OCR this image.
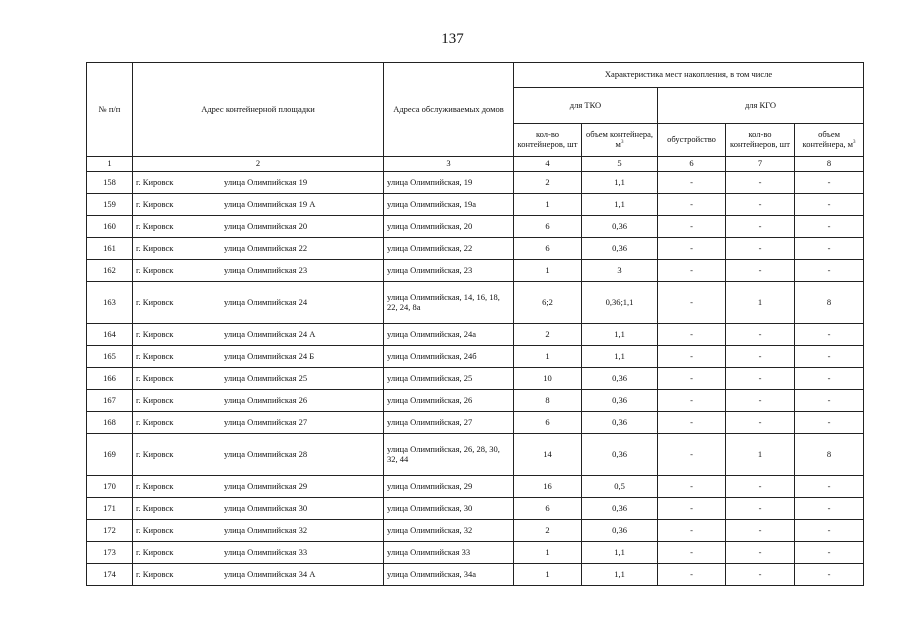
137
№ п/п	Адрес контейнерной площадки	Адреса обслуживаемых домов	Характеристика мест накопления, в том числе				
			для ТКО		для КГО		
			кол-во контейнеров, шт	объем контейнера, $м^3$	обустройство	кол-во контейнеров, шт	объем контейнера, $м^3$
1	2	3	4	5	6	7	8
158	г. Кировск улица Олимпийская 19	улица Олимпийская, 19	2	1,1	-	-	-
159	г. Кировск улица Олимпийская 19 А	улица Олимпийская, 19а	1	1,1	-	-	-
160	г. Кировск улица Олимпийская 20	улица Олимпийская, 20	6	0,36	-	-	-
161	г. Кировск улица Олимпийская 22	улица Олимпийская, 22	6	0,36	-	-	-
162	г. Кировск улица Олимпийская 23	улица Олимпийская, 23	1	3	-	-	-
163	г. Кировск улица Олимпийская 24	улица Олимпийская, 14, 16, 18, 22, 24, 8а	6;2	0,36;1,1	-	1	8
164	г. Кировск улица Олимпийская 24 А	улица Олимпийская, 24а	2	1,1	-	-	-
165	г. Кировск улица Олимпийская 24 Б	улица Олимпийская, 24б	1	1,1	-	-	-
166	г. Кировск улица Олимпийская 25	улица Олимпийская, 25	10	0,36	-	-	-
167	г. Кировск улица Олимпийская 26	улица Олимпийская, 26	8	0,36	-	-	-
168	г. Кировск улица Олимпийская 27	улица Олимпийская, 27	6	0,36	-	-	-
169	г. Кировск улица Олимпийская 28	улица Олимпийская, 26, 28, 30, 32, 44	14	0,36	-	1	8
170	г. Кировск улица Олимпийская 29	улица Олимпийская, 29	16	0,5	-	-	-
171	г. Кировск улица Олимпийская 30	улица Олимпийская, 30	6	0,36	-	-	-
172	г. Кировск улица Олимпийская 32	улица Олимпийская, 32	2	0,36	-	-	-
173	г. Кировск улица Олимпийская 33	улица Олимпийская 33	1	1,1	-	-	-
174	г. Кировск улица Олимпийская 34 А	улица Олимпийская, 34а	1	1,1	-	-	-
